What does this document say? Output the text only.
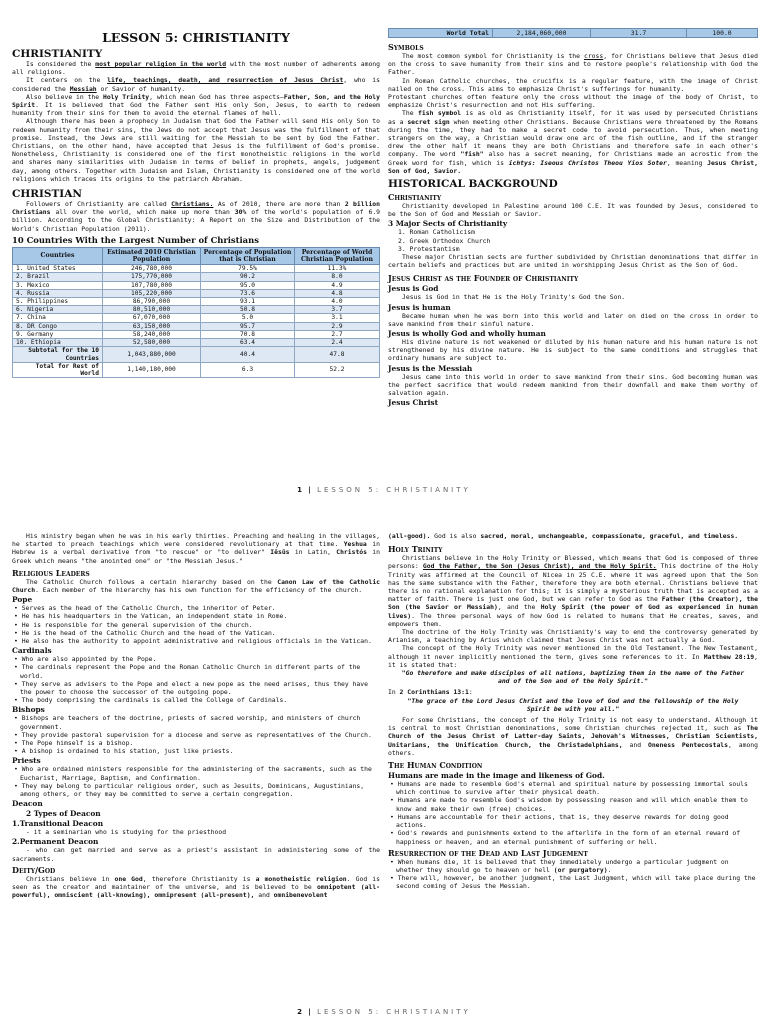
LESSON 5: CHRISTIANITY
CHRISTIANITY

Is considered the most popular religion in the world with the most number of adherents among all religions.

It centers on the life, teachings, death, and resurrection of Jesus Christ, who is considered the Messiah or Savior of humanity.

Also believe in the Holy Trinity, which mean God has three aspects—Father, Son, and the Holy Spirit. It is believed that God the Father sent His only Son, Jesus, to earth to redeem humanity from their sins for them to avoid the eternal flames of hell.

Although there has been a prophecy in Judaism that God the Father will send His only Son to redeem humanity from their sins, the Jews do not accept that Jesus was the fulfillment of that promise. Instead, the Jews are still waiting for the Messiah to be sent by God the Father. Christians, on the other hand, have accepted that Jesus is the fulfillment of God's promise. Nonetheless, Christianity is considered one of the first monotheistic religions in the world and shares many similarities with Judaism in terms of belief in prophets, angels, judgement day, among others. Together with Judaism and Islam, Christianity is considered one of the world religions which traces its origins to the patriarch Abraham.

CHRISTIAN

Followers of Christianity are called Christians. As of 2010, there are more than 2 billion Christians all over the world, which make up more than 30% of the world's population of 6.9 billion. According to the Global Christianity: A Report on the Size and Distribution of the World's Christian Population (2011).

10 Countries With the Largest Number of Christians
Countries	Estimated 2010 Christian Population	Percentage of Population that is Christian	Percentage of World Christian Population
1. United States	246,780,000	79.5%	11.3%
2. Brazil	175,770,000	90.2	8.0
3. Mexico	107,780,000	95.0	4.9
4. Russia	105,220,000	73.6	4.8
5. Philippines	86,790,000	93.1	4.0
6. Nigeria	80,510,000	50.8	3.7
7. China	67,070,000	5.0	3.1
8. DR Congo	63,150,000	95.7	2.9
9. Germany	58,240,000	70.8	2.7
10. Ethiopia	52,580,000	63.4	2.4
Subtotal for the 10 Countries	1,043,880,000	40.4	47.8
Total for Rest of World	1,140,180,000	6.3	52.2
World Total	2,184,060,000	31.7	100.0
Symbols

The most common symbol for Christianity is the cross, for Christians believe that Jesus died on the cross to save humanity from their sins and to restore people's relationship with God the Father.

In Roman Catholic churches, the crucifix is a regular feature, with the image of Christ nailed on the cross. This aims to emphasize Christ's sufferings for humanity.

Protestant churches often feature only the cross without the image of the body of Christ, to emphasize Christ's resurrection and not His suffering.

The fish symbol is as old as Christianity itself, for it was used by persecuted Christians as a secret sign when meeting other Christians. Because Christians were threatened by the Romans during the time, they had to make a secret code to avoid persecution. Thus, when meeting strangers on the way, a Christian would draw one arc of the fish outline, and if the stranger drew the other half it means they are both Christians and therefore safe in each other's company. The word "fish" also has a secret meaning, for Christians made an acrostic from the Greek word for fish, which is ichtys: Iseous Christos Theou Yios Soter, meaning Jesus Christ, Son of God, Savior.

HISTORICAL BACKGROUND
Christianity

Christianity developed in Palestine around 100 C.E. It was founded by Jesus, considered to be the Son of God and Messiah or Savior.

3 Major Sects of Christianity
1. Roman Catholicism
2. Greek Orthodox Church
3. Protestantism

These major Christian sects are further subdivided by Christian denominations that differ in certain beliefs and practices but are united in worshipping Jesus Christ as the Son of God.

Jesus Christ as the Founder of Christianity
Jesus is God

Jesus is God in that He is the Holy Trinity's God the Son.

Jesus is human

Became human when he was born into this world and later on died on the cross in order to save mankind from their sinful nature.

Jesus is wholly God and wholly human

His divine nature is not weakened or diluted by his human nature and his human nature is not strengthened by his divine nature. He is subject to the same conditions and struggles that ordinary humans are subject to.

Jesus is the Messiah

Jesus came into this world in order to save mankind from their sins. God becoming human was the perfect sacrifice that would redeem mankind from their downfall and make them worthy of salvation again.

Jesus Christ
1 | LESSON 5: CHRISTIANITY

His ministry began when he was in his early thirties. Preaching and healing in the villages, he started to preach teachings which were considered revolutionary at that time. Yeshua in Hebrew is a verbal derivative from "to rescue" or "to deliver" Iēsūs in Latin, Christós in Greek which means "the anointed one" or "the Messiah Jesus."

Religious Leaders

The Catholic Church follows a certain hierarchy based on the Canon Law of the Catholic Church. Each member of the hierarchy has his own function for the efficiency of the church.

Pope
• Serves as the head of the Catholic Church, the inheritor of Peter.
• He has his headquarters in the Vatican, an independent state in Rome.
• He is responsible for the general supervision of the church.
• He is the head of the Catholic Church and the head of the Vatican.
• He also has the authority to appoint administrative and religious officials in the Vatican.
Cardinals
• Who are also appointed by the Pope.
• The cardinals represent the Pope and the Roman Catholic Church in different parts of the world.
• They serve as advisers to the Pope and elect a new pope as the need arises, thus they have the power to choose the successor of the outgoing pope.
• The body comprising the cardinals is called the College of Cardinals.
Bishops
• Bishops are teachers of the doctrine, priests of sacred worship, and ministers of church government.
• They provide pastoral supervision for a diocese and serve as representatives of the Church.
• The Pope himself is a bishop.
• A bishop is ordained to his station, just like priests.
Priests
• Who are ordained ministers responsible for the administering of the sacraments, such as the Eucharist, Marriage, Baptism, and Confirmation.
• They may belong to particular religious order, such as Jesuits, Dominicans, Augustinians, among others, or they may be committed to serve a certain congregation.
Deacon
2 Types of Deacon
1.Transitional Deacon

- it a seminarian who is studying for the priesthood

2.Permanent Deacon

- who can get married and serve as a priest's assistant in administering some of the sacraments.

Deity/God

Christians believe in one God, therefore Christianity is a monotheistic religion. God is seen as the creator and maintainer of the universe, and is believed to be omnipotent (all-powerful), omniscient (all-knowing), omnipresent (all-present), and omnibenevolent

(all-good). God is also sacred, moral, unchangeable, compassionate, graceful, and timeless.

Holy Trinity

Christians believe in the Holy Trinity or Blessed, which means that God is composed of three persons: God the Father, the Son (Jesus Christ), and the Holy Spirit. This doctrine of the Holy Trinity was affirmed at the Council of Nicea in 25 C.E. where it was agreed upon that the Son has the same substance with the Father, therefore they are both eternal. Christians believe that there is no rational explanation for this; it is simply a mysterious truth that is accepted as a matter of faith. There is just one God, but we can refer to God as the Father (the Creator), the Son (the Savior or Messiah), and the Holy Spirit (the power of God as experienced in human lives). The three personal ways of how God is related to humans that He creates, saves, and empowers them.

The doctrine of the Holy Trinity was Christianity's way to end the controversy generated by Arianism, a teaching by Arius which claimed that Jesus Christ was not actually a God.

The concept of the Holy Trinity was never mentioned in the Old Testament. The New Testament, although it never implicitly mentioned the term, gives some references to it. In Matthew 28:19, it is stated that:

"Go therefore and make disciples of all nations, baptizing them in the name of the Father and of the Son and of the Holy Spirit."

In 2 Corinthians 13:1:

"The grace of the Lord Jesus Christ and the love of God and the fellowship of the Holy Spirit be with you all."

For some Christians, the concept of the Holy Trinity is not easy to understand. Although it is central to most Christian denominations, some Christian churches rejected it, such as The Church of the Jesus Christ of Latter-day Saints, Jehovah's Witnesses, Christian Scientists, Unitarians, the Unification Church, the Christadelphians, and Oneness Pentecostals, among others.

The Human Condition
Humans are made in the image and likeness of God.
• Humans are made to resemble God's eternal and spiritual nature by possessing immortal souls which continue to survive after their physical death.
• Humans are made to resemble God's wisdom by possessing reason and will which enable them to know and make their own (free) choices.
• Humans are accountable for their actions, that is, they deserve rewards for doing good actions.
• God's rewards and punishments extend to the afterlife in the form of an eternal reward of happiness or heaven, and an eternal punishment of suffering or hell.
Resurrection of the Dead and Last Judgement
• When humans die, it is believed that they immediately undergo a particular judgment on whether they should go to heaven or hell (or purgatory).
• There will, however, be another judgment, the Last Judgment, which will take place during the second coming of Jesus the Messiah.
2 | LESSON 5: CHRISTIANITY
